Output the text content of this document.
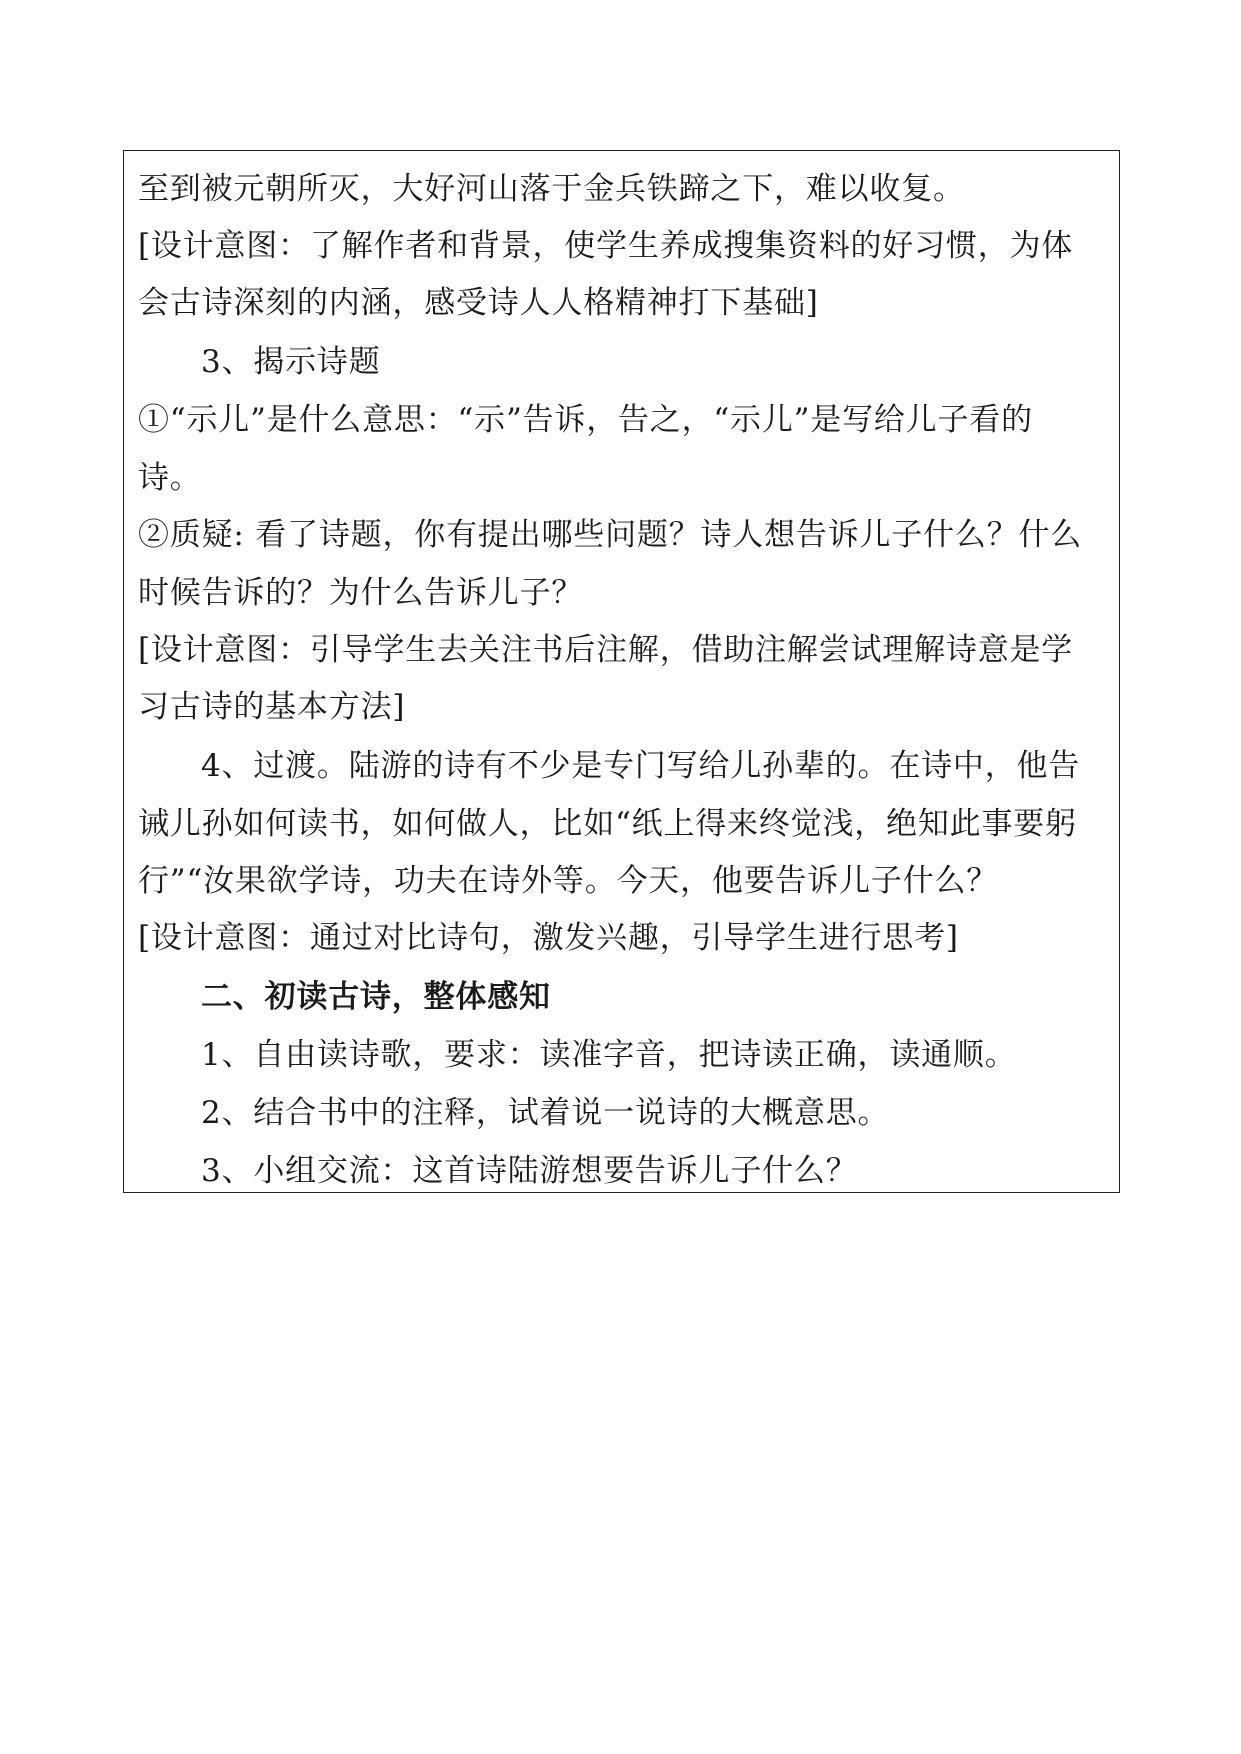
至到被元朝所灭，大好河山落于金兵铁蹄之下，难以收复。
[设计意图：了解作者和背景，使学生养成搜集资料的好习惯，为体
会古诗深刻的内涵，感受诗人人格精神打下基础]
3、揭示诗题
①“示儿”是什么意思：“示”告诉，告之，“示儿”是写给儿子看的
诗。
②质疑: 看了诗题，你有提出哪些问题？诗人想告诉儿子什么？什么
时候告诉的？为什么告诉儿子？
[设计意图：引导学生去关注书后注解，借助注解尝试理解诗意是学
习古诗的基本方法]
4、过渡。陆游的诗有不少是专门写给儿孙辈的。在诗中，他告
诫儿孙如何读书，如何做人，比如“纸上得来终觉浅，绝知此事要躬
行”“汝果欲学诗，功夫在诗外等。今天，他要告诉儿子什么？
[设计意图：通过对比诗句，激发兴趣，引导学生进行思考]
二、初读古诗，整体感知
1、自由读诗歌，要求：读准字音，把诗读正确，读通顺。
2、结合书中的注释，试着说一说诗的大概意思。
3、小组交流：这首诗陆游想要告诉儿子什么？
